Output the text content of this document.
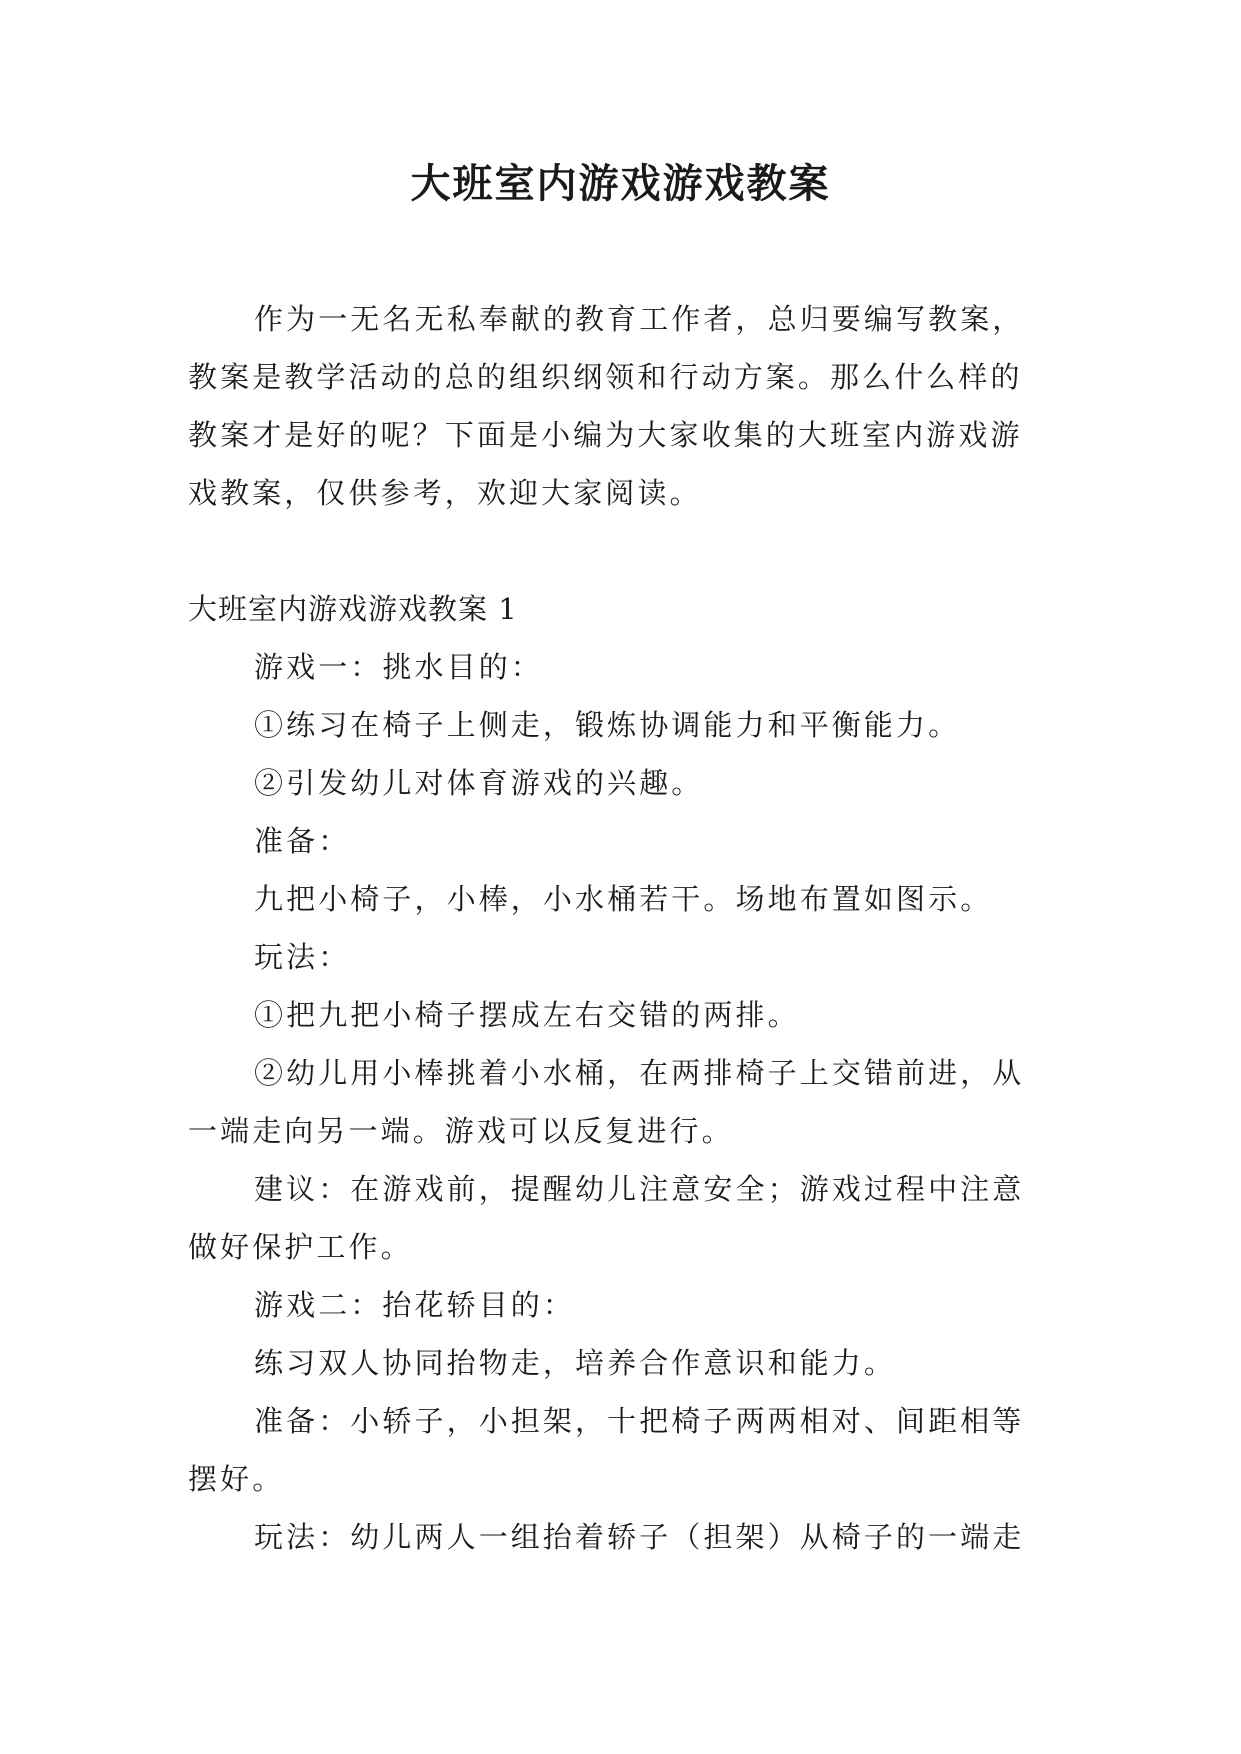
大班室内游戏游戏教案

作为一无名无私奉献的教育工作者，总归要编写教案，教案是教学活动的总的组织纲领和行动方案。那么什么样的教案才是好的呢？下面是小编为大家收集的大班室内游戏游戏教案，仅供参考，欢迎大家阅读。

大班室内游戏游戏教案 1

游戏一：挑水目的：

①练习在椅子上侧走，锻炼协调能力和平衡能力。

②引发幼儿对体育游戏的兴趣。

准备：

九把小椅子，小棒，小水桶若干。场地布置如图示。

玩法：

①把九把小椅子摆成左右交错的两排。

②幼儿用小棒挑着小水桶，在两排椅子上交错前进，从一端走向另一端。游戏可以反复进行。

建议：在游戏前，提醒幼儿注意安全；游戏过程中注意做好保护工作。

游戏二：抬花轿目的：

练习双人协同抬物走，培养合作意识和能力。

准备：小轿子，小担架，十把椅子两两相对、间距相等摆好。

玩法：幼儿两人一组抬着轿子（担架）从椅子的一端走
